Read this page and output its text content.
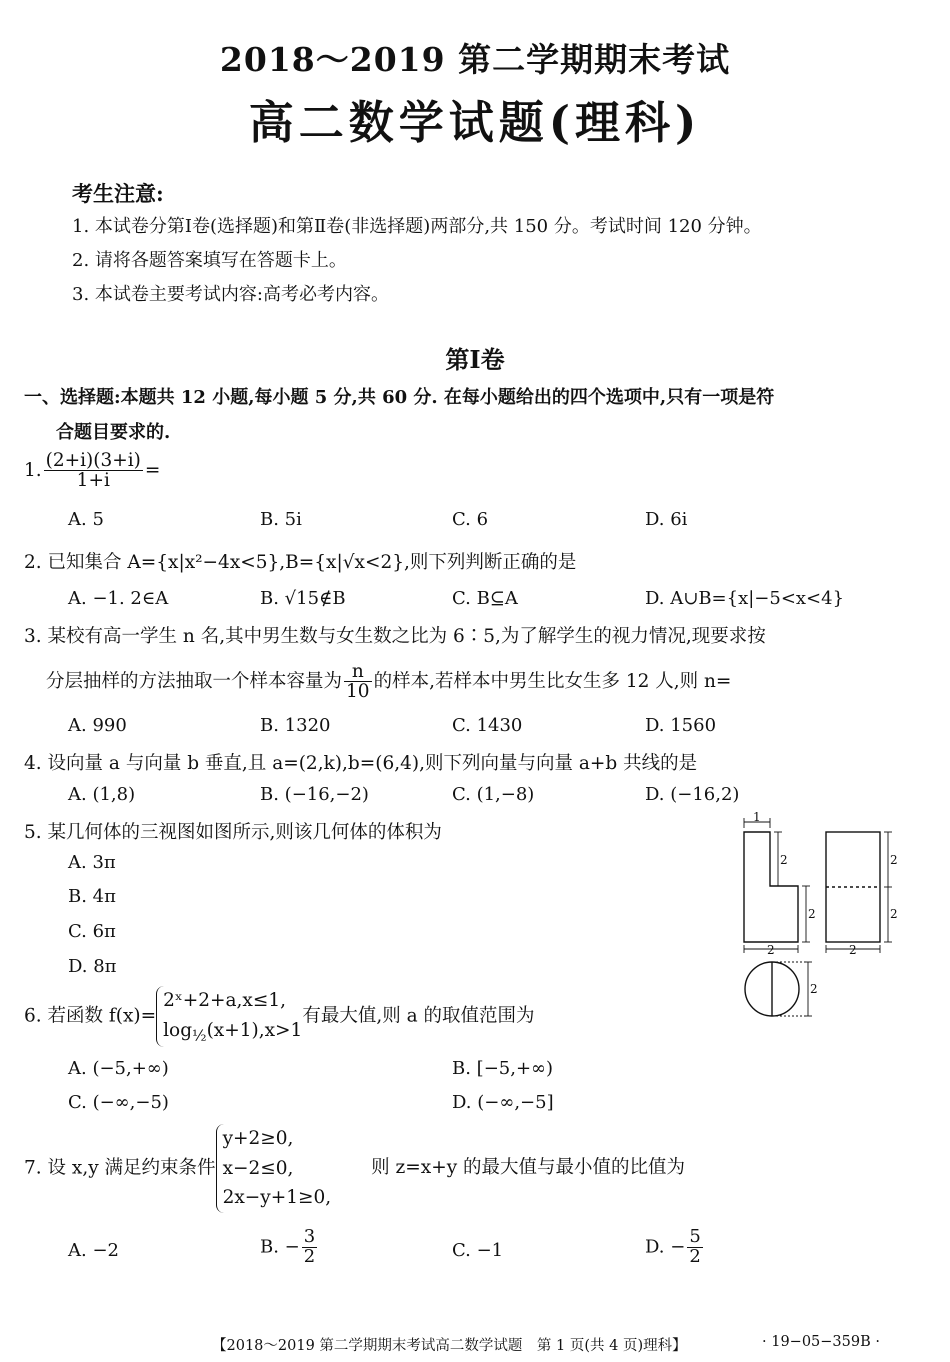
2018～2019 第二学期期末考试
高二数学试题(理科)
考生注意:
1. 本试卷分第Ⅰ卷(选择题)和第Ⅱ卷(非选择题)两部分,共 150 分。考试时间 120 分钟。
2. 请将各题答案填写在答题卡上。
3. 本试卷主要考试内容:高考必考内容。
第Ⅰ卷
一、选择题:本题共 12 小题,每小题 5 分,共 60 分. 在每小题给出的四个选项中,只有一项是符
合题目要求的.
1. $\frac{(2+i)(3+i)}{1+i}$ =
A. 5	B. 5i	C. 6	D. 6i
2. 已知集合 A={x|x²−4x<5},B={x|√x<2},则下列判断正确的是
A. −1. 2∈A	B. √15∉B	C. B⊆A	D. A∪B={x|−5<x<4}
3. 某校有高一学生 n 名,其中男生数与女生数之比为 6∶5,为了解学生的视力情况,现要求按
分层抽样的方法抽取一个样本容量为 $\frac{n}{10}$ 的样本,若样本中男生比女生多 12 人,则 n=
A. 990	B. 1320	C. 1430	D. 1560
4. 设向量 a 与向量 b 垂直,且 a=(2,k),b=(6,4),则下列向量与向量 a+b 共线的是
A. (1,8)	B. (−16,−2)	C. (1,−8)	D. (−16,2)
5. 某几何体的三视图如图所示,则该几何体的体积为
A. 3π
B. 4π
C. 6π
D. 8π
1
2
2
2
2
2
2
2
6. 若函数 f(x)=
2ˣ+2+a,x≤1,
$\log_{\frac{1}{2}}(x+1),x>1$
有最大值,则 a 的取值范围为
A. (−5,+∞)	B. [−5,+∞)
C. (−∞,−5)	D. (−∞,−5]
7. 设 x,y 满足约束条件
y+2≥0,
x−2≤0,
2x−y+1≥0,
则 z=x+y 的最大值与最小值的比值为
A. −2	B. − $\frac{3}{2}$	C. −1	D. − $\frac{5}{2}$
【2018～2019 第二学期期末考试高二数学试题　第 1 页(共 4 页)理科】	· 19−05−359B ·
